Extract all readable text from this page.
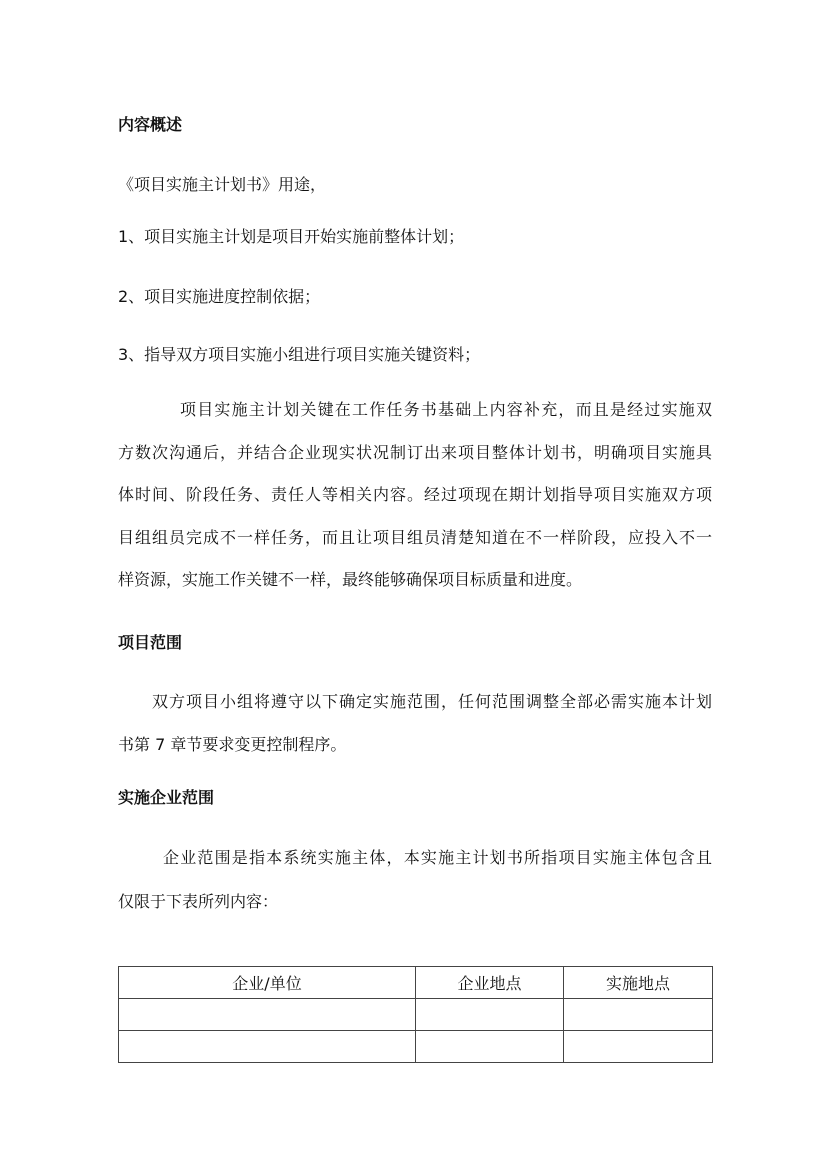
内容概述
《项目实施主计划书》用途，
1、项目实施主计划是项目开始实施前整体计划；
2、项目实施进度控制依据；
3、指导双方项目实施小组进行项目实施关键资料；
项目实施主计划关键在工作任务书基础上内容补充，而且是经过实施双
方数次沟通后，并结合企业现实状况制订出来项目整体计划书，明确项目实施具
体时间、阶段任务、责任人等相关内容。经过项现在期计划指导项目实施双方项
目组组员完成不一样任务，而且让项目组员清楚知道在不一样阶段，应投入不一
样资源，实施工作关键不一样，最终能够确保项目标质量和进度。
项目范围
双方项目小组将遵守以下确定实施范围，任何范围调整全部必需实施本计划
书第 7 章节要求变更控制程序。
实施企业范围
企业范围是指本系统实施主体，本实施主计划书所指项目实施主体包含且
仅限于下表所列内容：
企业/单位	企业地点	实施地点
